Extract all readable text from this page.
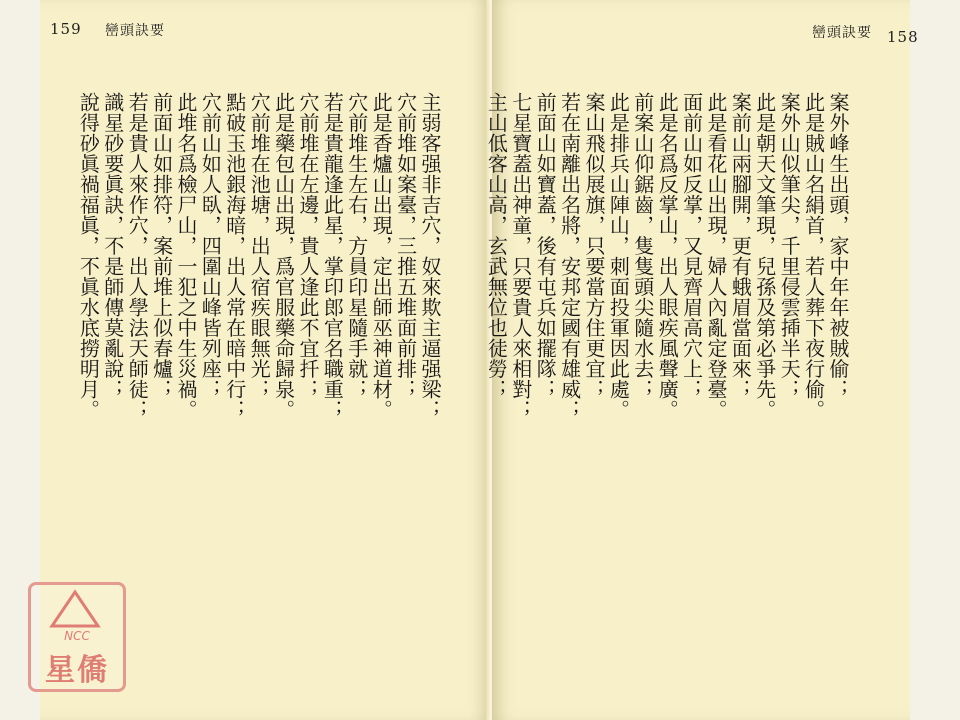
159 巒頭訣要
主弱客强非吉穴，奴來欺主逼强梁；
穴前堆如案臺，三推五堆面前排；
此是香爐山出現，定出師巫神道材。
穴前堆生左右，方員印星隨手就；
若是貴龍逢此星，掌印郎官名職重；
穴前堆在左邊，貴人逢此不宜扦；
此是藥包山出現，爲官服藥命歸泉。
穴前堆在池塘，出人宿疾眼無光；
點破玉池銀海暗，出人常在暗中行；
穴前山如人臥，四圍山峰皆列座；
此堆名爲檢尸山，一犯之中生災禍。
前面山如排符，案前堆上似春爐；
若是貴人來作穴，出人學法天師徒；
識星砂要眞訣，不是師傳莫亂說；
說得砂眞禍福眞，不眞水底撈明月。
巒頭訣要 158
案外峰生出頭，家中年年被賊偷；
此是賊山名絹首，若人葬下夜行偷。
案外山似筆尖，千里侵雲揷半天；
此是朝天文筆現，兒孫及第必爭先。
案前山兩腳開，更有蛾眉當面來；
此是看花山出現，婦人內亂定登臺。
面前山如反掌，又見齊眉高穴上；
此是名爲反掌山，出人眼疾風聲廣。
前案山仰鋸齒，隻隻頭尖隨水去；
此是排兵山陣山，刺面投軍因此處。
案山飛似展旗，只要當方住更宜；
若在南離出名將，安邦定國有雄威；
前面山如寶蓋，後有屯兵如擺隊；
七星寶蓋出神童，只要貴人來相對；
主山低客山高，玄武無位也徒勞；
NCC
星僑
